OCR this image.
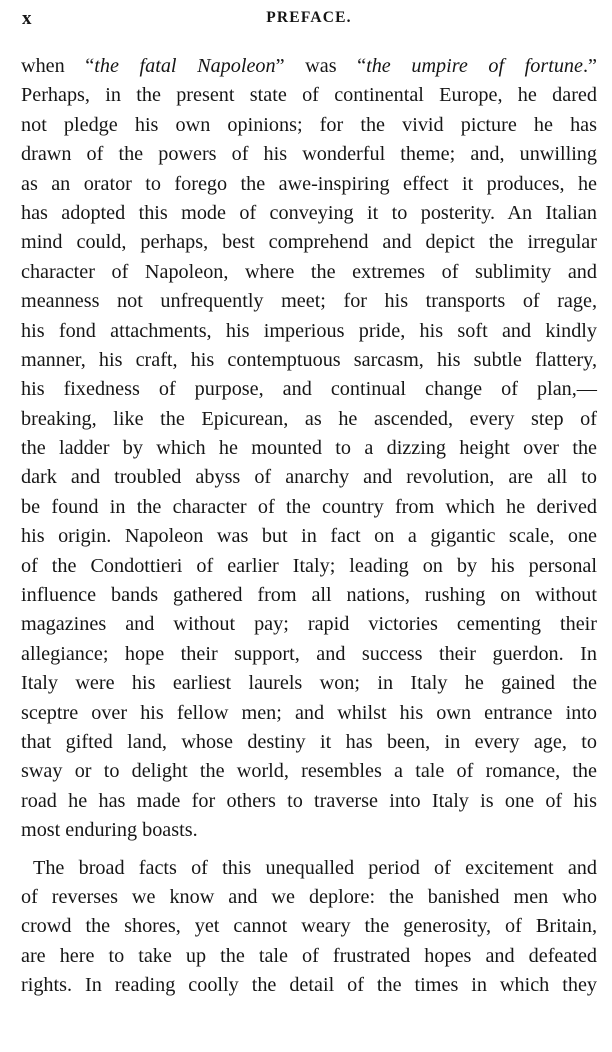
x	PREFACE.
when “the fatal Napoleon” was “the umpire of fortune.”
Perhaps, in the present state of continental Europe, he dared
not pledge his own opinions; for the vivid picture he has
drawn of the powers of his wonderful theme; and, unwilling
as an orator to forego the awe-inspiring effect it produces, he
has adopted this mode of conveying it to posterity. An Italian
mind could, perhaps, best comprehend and depict the irregular
character of Napoleon, where the extremes of sublimity and
meanness not unfrequently meet; for his transports of rage,
his fond attachments, his imperious pride, his soft and kindly
manner, his craft, his contemptuous sarcasm, his subtle flattery,
his fixedness of purpose, and continual change of plan,—
breaking, like the Epicurean, as he ascended, every step of
the ladder by which he mounted to a dizzing height over the
dark and troubled abyss of anarchy and revolution, are all to
be found in the character of the country from which he derived
his origin. Napoleon was but in fact on a gigantic scale, one
of the Condottieri of earlier Italy; leading on by his personal
influence bands gathered from all nations, rushing on without
magazines and without pay; rapid victories cementing their
allegiance; hope their support, and success their guerdon. In
Italy were his earliest laurels won; in Italy he gained the
sceptre over his fellow men; and whilst his own entrance into
that gifted land, whose destiny it has been, in every age, to
sway or to delight the world, resembles a tale of romance, the
road he has made for others to traverse into Italy is one of his
most enduring boasts.
The broad facts of this unequalled period of excitement and
of reverses we know and we deplore: the banished men who
crowd the shores, yet cannot weary the generosity, of Britain,
are here to take up the tale of frustrated hopes and defeated
rights. In reading coolly the detail of the times in which they
